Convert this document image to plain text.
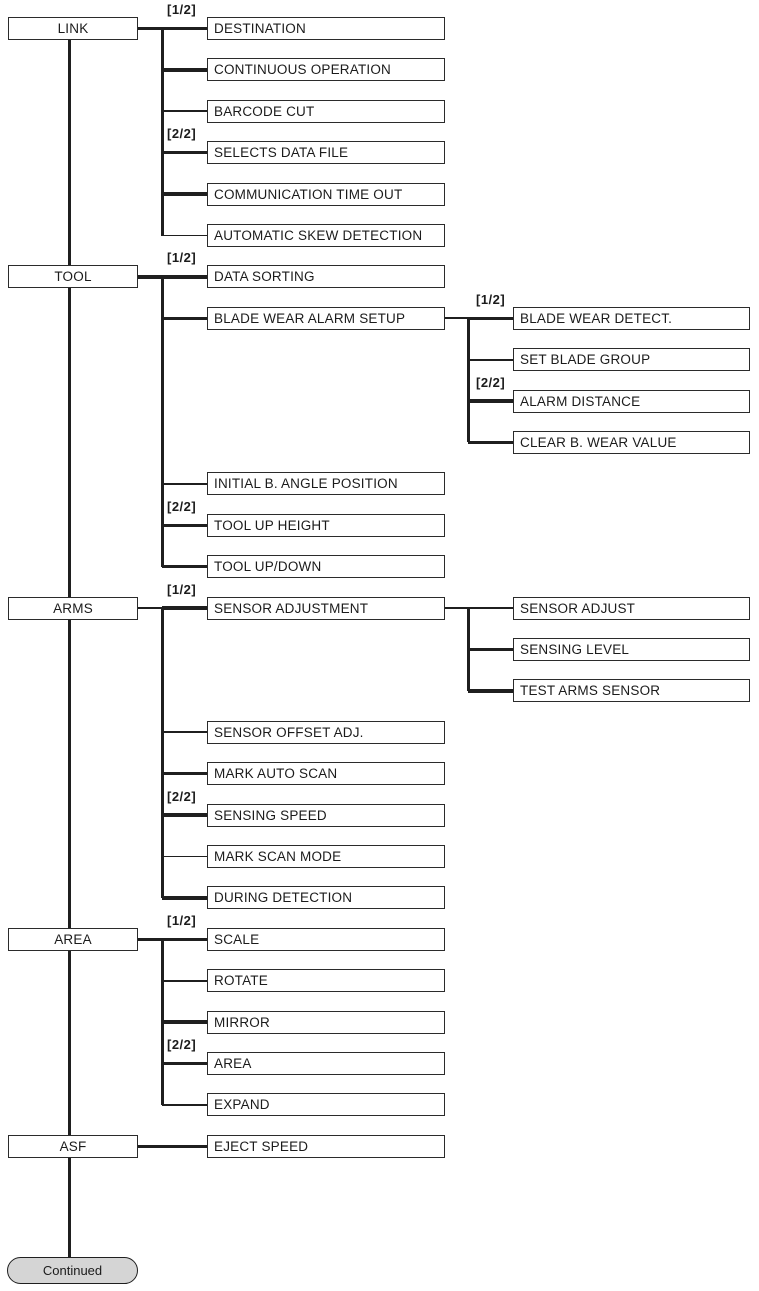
LINK	DESTINATION
[1/2]
CONTINUOUS OPERATION
BARCODE CUT
SELECTS DATA FILE
[2/2]
COMMUNICATION TIME OUT
AUTOMATIC SKEW DETECTION
TOOL	DATA SORTING
[1/2]
BLADE WEAR ALARM SETUP	BLADE WEAR DETECT.
[1/2]
SET BLADE GROUP
ALARM DISTANCE
[2/2]
CLEAR B. WEAR VALUE
INITIAL B. ANGLE POSITION
TOOL UP HEIGHT
[2/2]
TOOL UP/DOWN
ARMS	SENSOR ADJUSTMENT
[1/2]
SENSOR ADJUST
SENSING LEVEL
TEST ARMS SENSOR
SENSOR OFFSET ADJ.
MARK AUTO SCAN
SENSING SPEED
[2/2]
MARK SCAN MODE
DURING DETECTION
AREA	SCALE
[1/2]
ROTATE
MIRROR
AREA
[2/2]
EXPAND
ASF	EJECT SPEED
Continued
